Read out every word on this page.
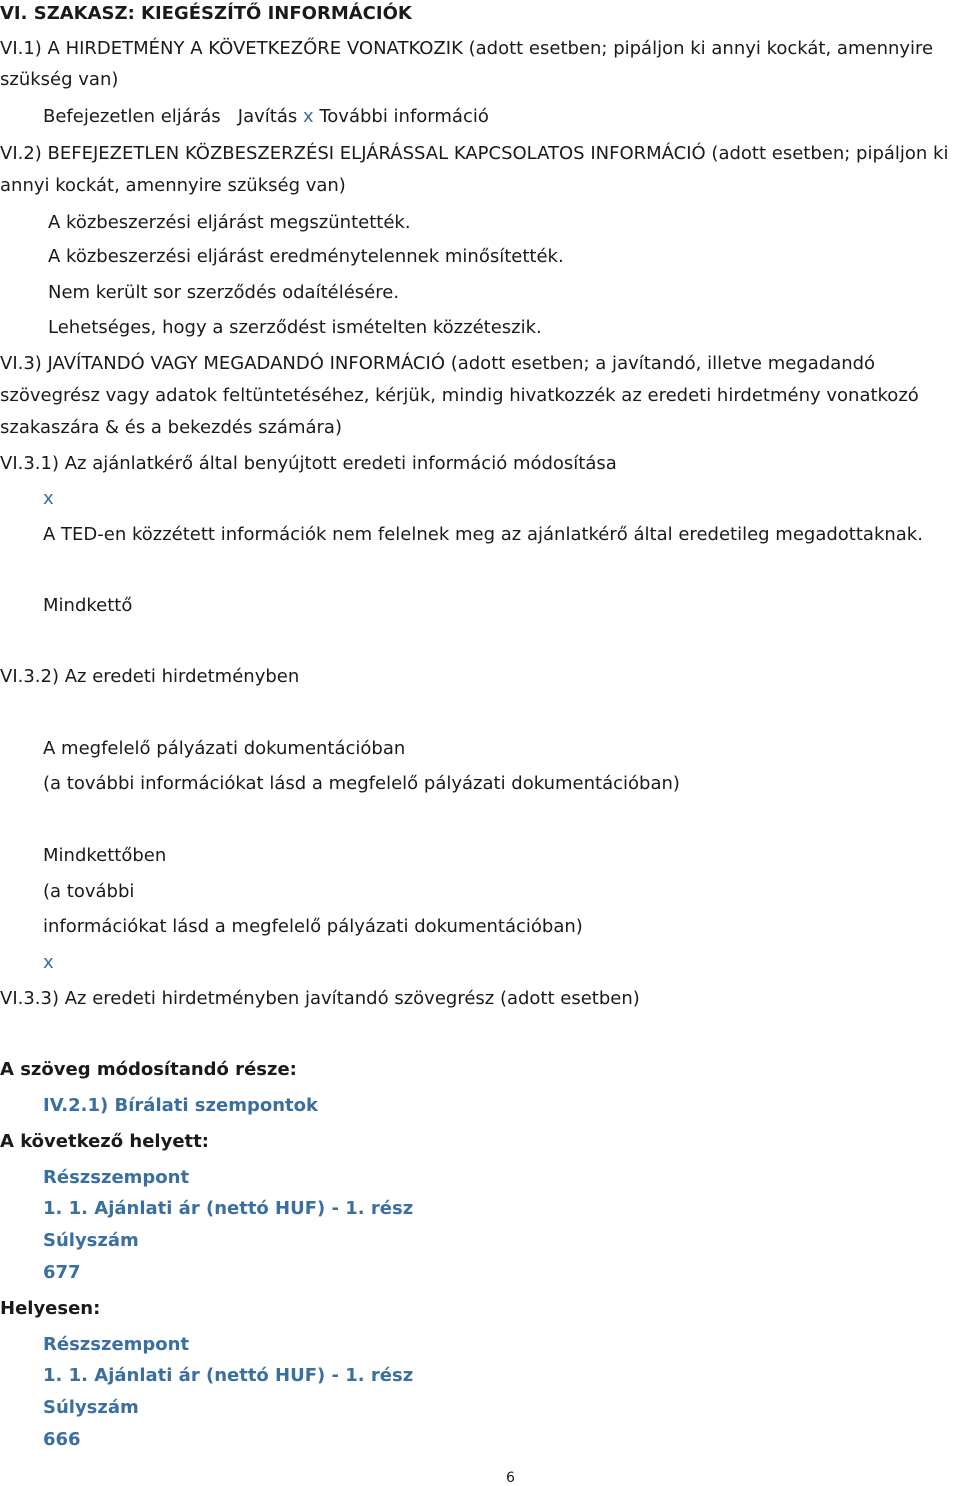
VI. SZAKASZ: KIEGÉSZÍTŐ INFORMÁCIÓK
VI.1) A HIRDETMÉNY A KÖVETKEZŐRE VONATKOZIK (adott esetben; pipáljon ki annyi kockát, amennyire
szükség van)
Befejezetlen eljárás   Javítás x További információ
VI.2) BEFEJEZETLEN KÖZBESZERZÉSI ELJÁRÁSSAL KAPCSOLATOS INFORMÁCIÓ (adott esetben; pipáljon ki
annyi kockát, amennyire szükség van)
A közbeszerzési eljárást megszüntették.
A közbeszerzési eljárást eredménytelennek minősítették.
Nem került sor szerződés odaítélésére.
Lehetséges, hogy a szerződést ismételten közzéteszik.
VI.3) JAVÍTANDÓ VAGY MEGADANDÓ INFORMÁCIÓ (adott esetben; a javítandó, illetve megadandó
szövegrész vagy adatok feltüntetéséhez, kérjük, mindig hivatkozzék az eredeti hirdetmény vonatkozó
szakaszára & és a bekezdés számára)
VI.3.1) Az ajánlatkérő által benyújtott eredeti információ módosítása
x
A TED-en közzétett információk nem felelnek meg az ajánlatkérő által eredetileg megadottaknak.
Mindkettő
VI.3.2) Az eredeti hirdetményben
A megfelelő pályázati dokumentációban
(a további információkat lásd a megfelelő pályázati dokumentációban)
Mindkettőben
(a további
információkat lásd a megfelelő pályázati dokumentációban)
x
VI.3.3) Az eredeti hirdetményben javítandó szövegrész (adott esetben)
A szöveg módosítandó része:
IV.2.1) Bírálati szempontok
A következő helyett:
Részszempont
1. 1. Ajánlati ár (nettó HUF) - 1. rész
Súlyszám
677
Helyesen:
Részszempont
1. 1. Ajánlati ár (nettó HUF) - 1. rész
Súlyszám
666
6
